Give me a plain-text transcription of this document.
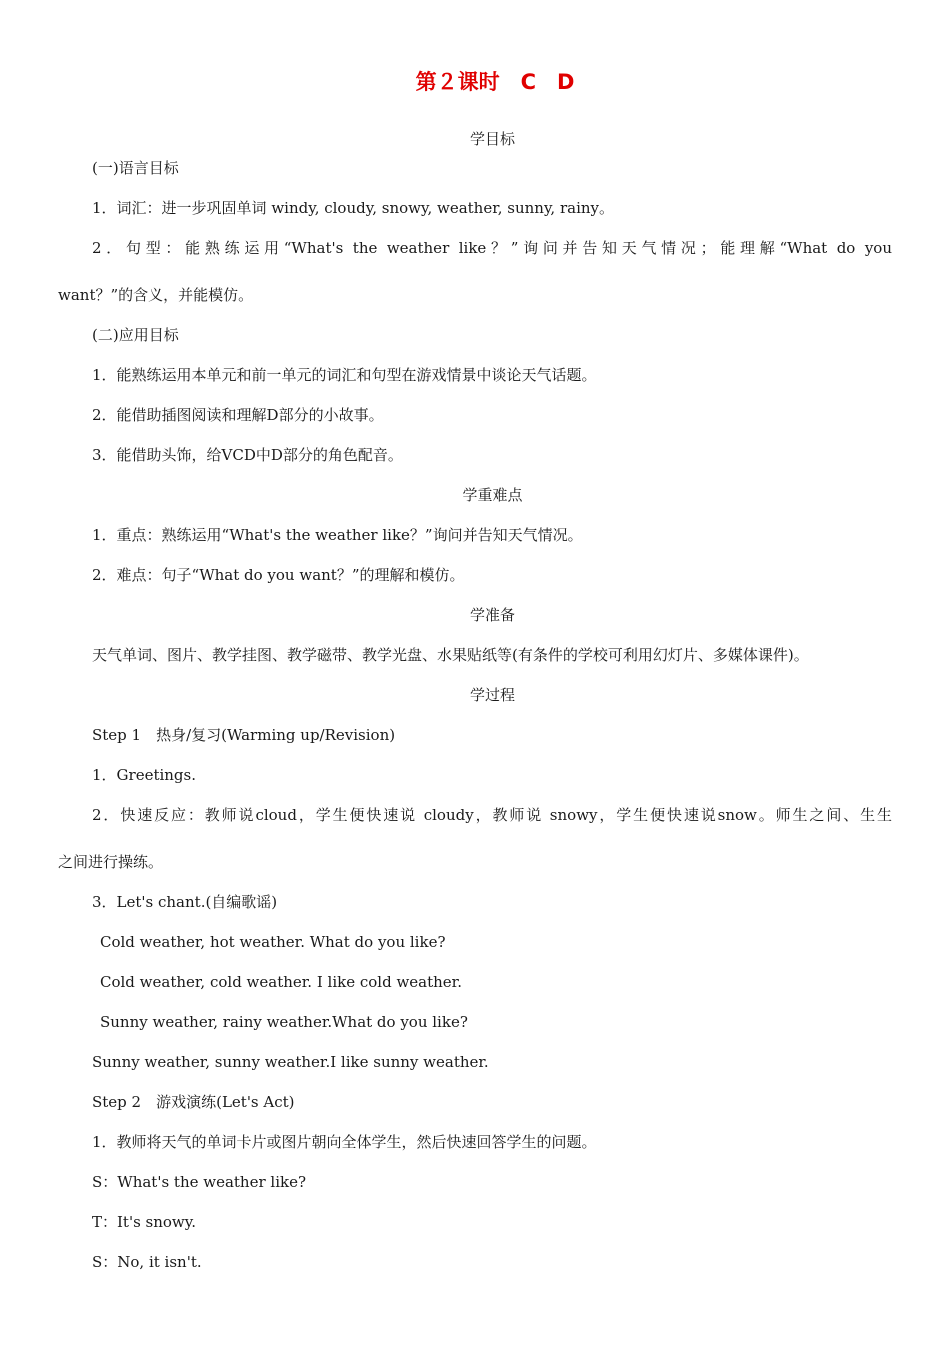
第２课时　C　D
学目标
(一)语言目标
1．词汇：进一步巩固单词 windy, cloudy, snowy, weather, sunny, rainy。
2．句型：能熟练运用“What's the weather like？”询问并告知天气情况；能理解“What do you
want？”的含义，并能模仿。
(二)应用目标
1．能熟练运用本单元和前一单元的词汇和句型在游戏情景中谈论天气话题。
2．能借助插图阅读和理解D部分的小故事。
3．能借助头饰，给VCD中D部分的角色配音。
学重难点
1．重点：熟练运用“What's the weather like？”询问并告知天气情况。
2．难点：句子“What do you want？”的理解和模仿。
学准备
天气单词、图片、教学挂图、教学磁带、教学光盘、水果贴纸等(有条件的学校可利用幻灯片、多媒体课件)。
学过程
Step 1　热身/复习(Warming up/Revision)
1．Greetings.
2．快速反应：教师说cloud，学生便快速说 cloudy，教师说 snowy，学生便快速说snow。师生之间、生生
之间进行操练。
3．Let's chant.(自编歌谣)
Cold weather, hot weather. What do you like?
Cold weather, cold weather. I like cold weather.
Sunny weather, rainy weather.What do you like?
Sunny weather, sunny weather.I like sunny weather.
Step 2　游戏演练(Let's Act)
1．教师将天气的单词卡片或图片朝向全体学生，然后快速回答学生的问题。
S：What's the weather like?
T：It's snowy.
S：No, it isn't.
